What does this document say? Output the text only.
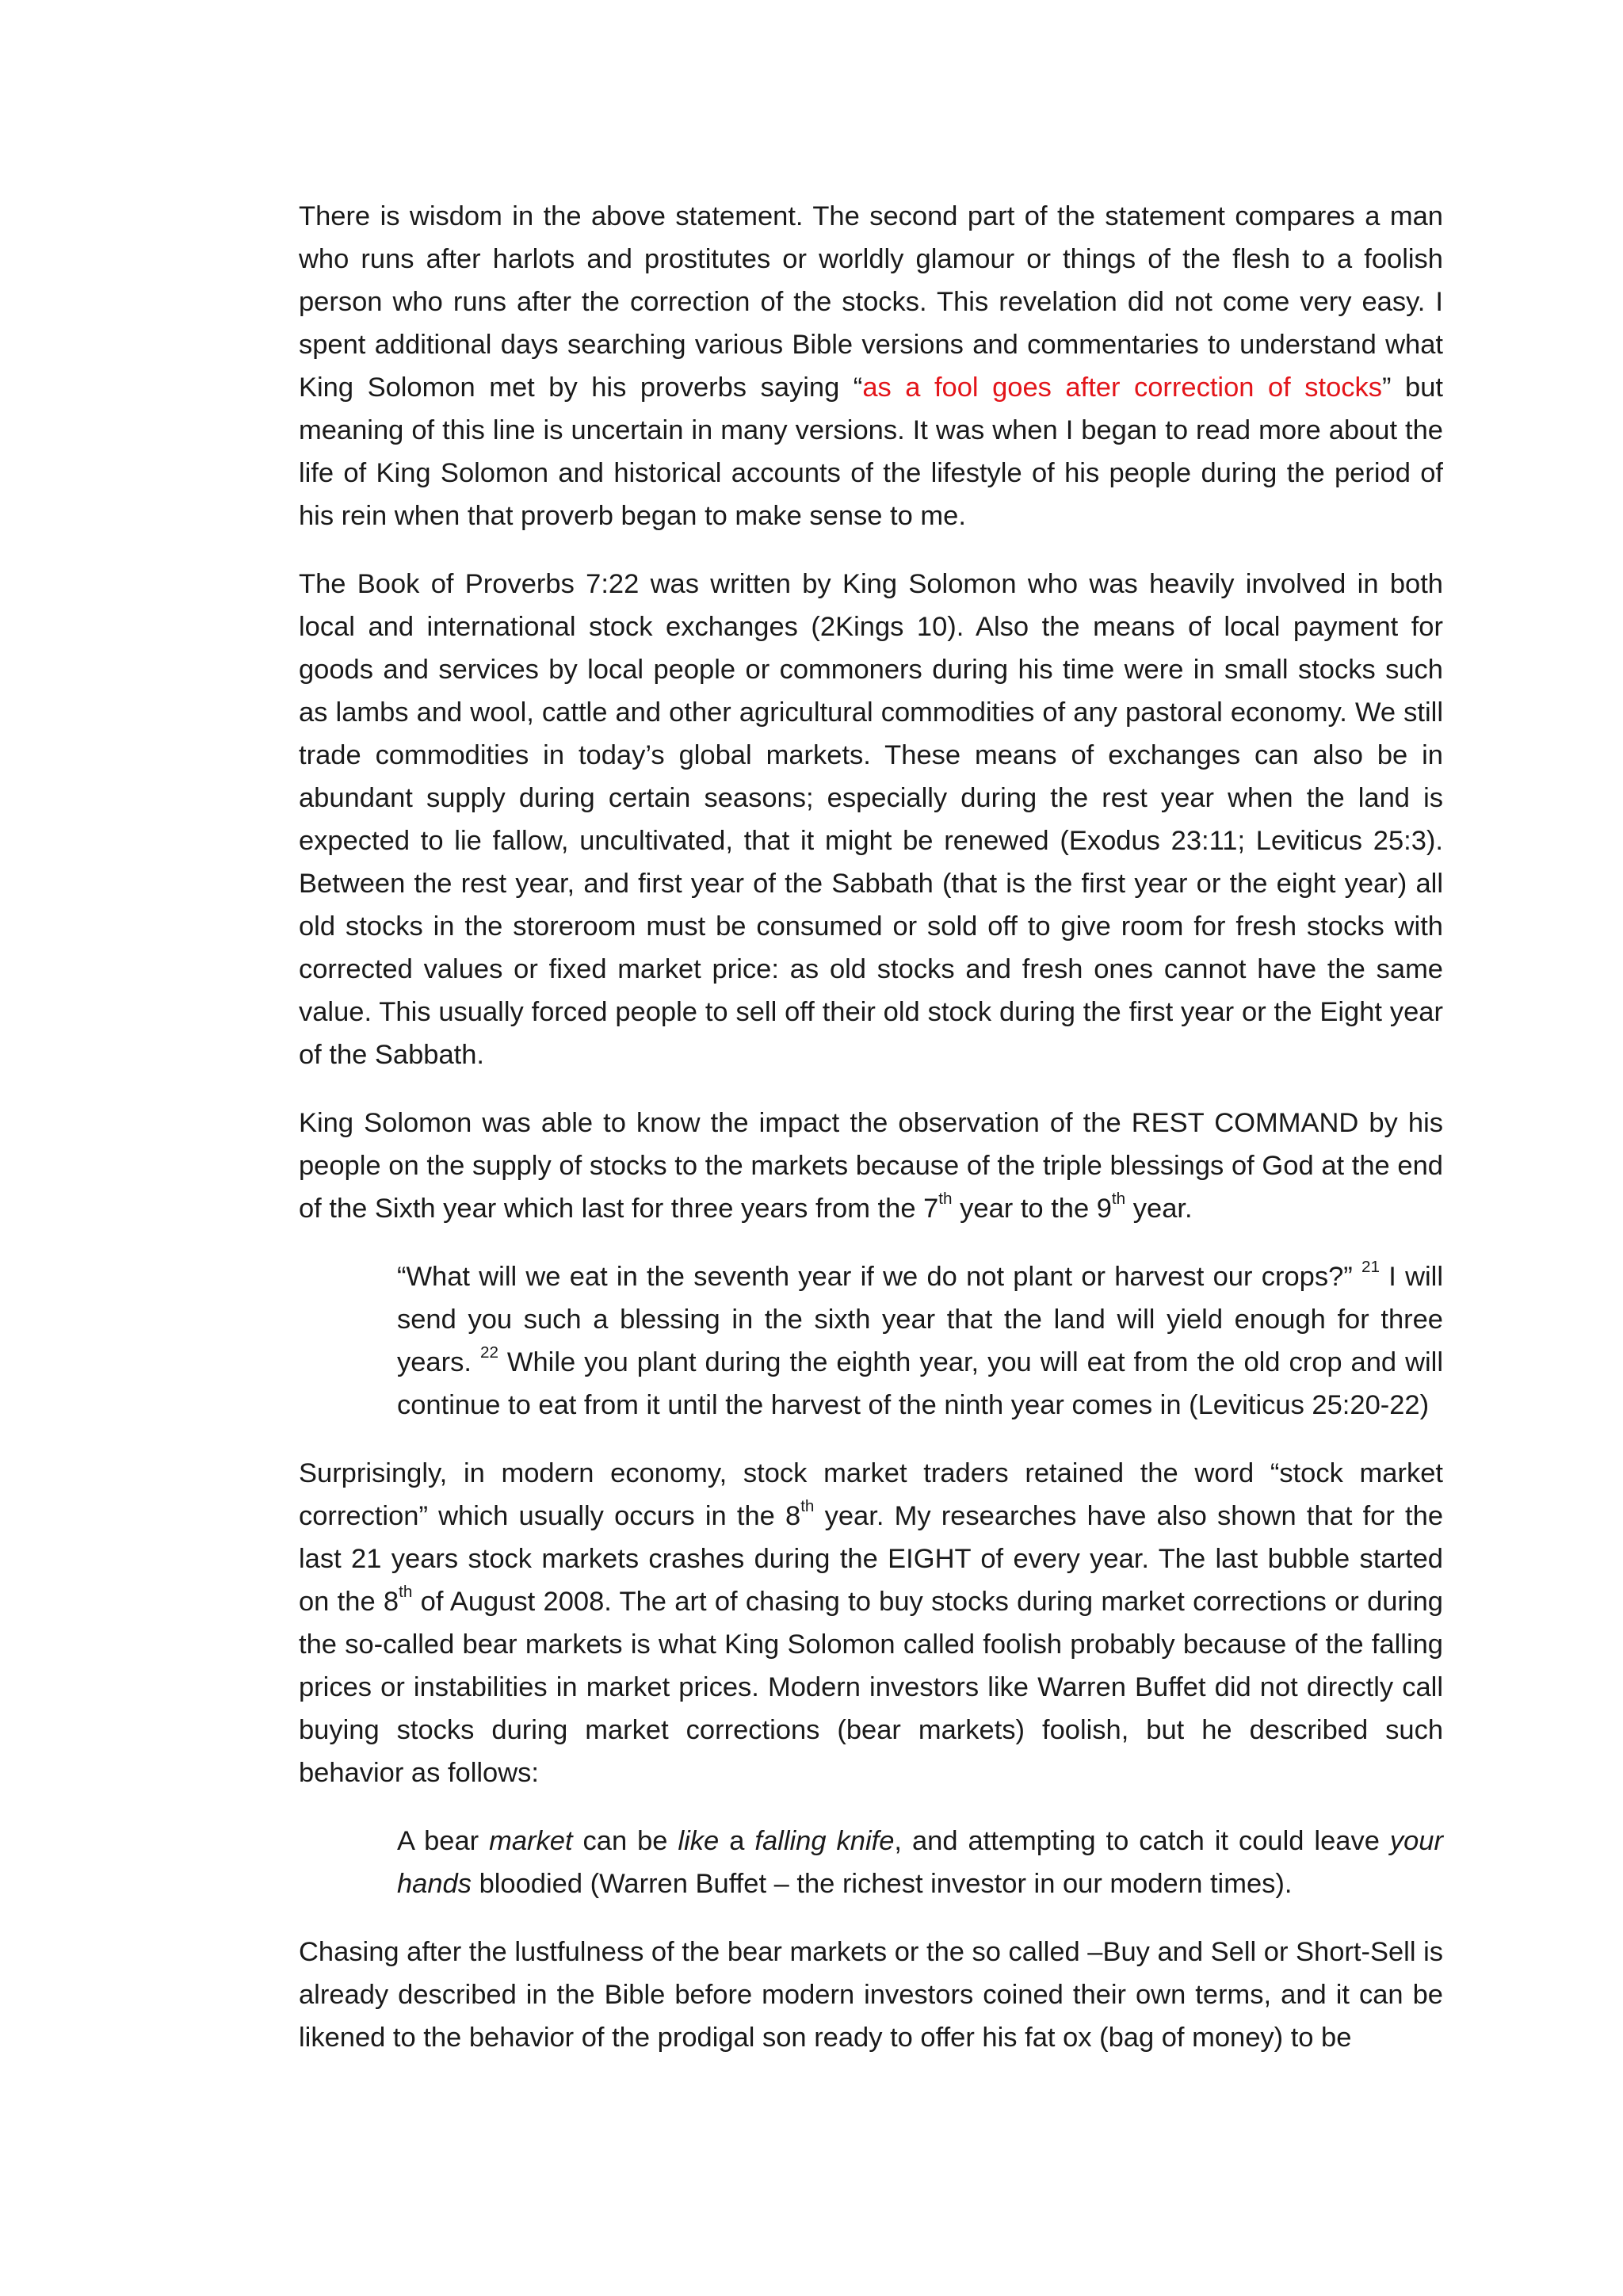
There is wisdom in the above statement. The second part of the statement compares a man who runs after harlots and prostitutes or worldly glamour or things of the flesh to a foolish person who runs after the correction of the stocks. This revelation did not come very easy. I spent additional days searching various Bible versions and commentaries to understand what King Solomon met by his proverbs saying “as a fool goes after correction of stocks” but meaning of this line is uncertain in many versions. It was when I began to read more about the life of King Solomon and historical accounts of the lifestyle of his people during the period of his rein when that proverb began to make sense to me.

The Book of Proverbs 7:22 was written by King Solomon who was heavily involved in both local and international stock exchanges (2Kings 10). Also the means of local payment for goods and services by local people or commoners during his time were in small stocks such as lambs and wool, cattle and other agricultural commodities of any pastoral economy. We still trade commodities in today’s global markets. These means of exchanges can also be in abundant supply during certain seasons; especially during the rest year when the land is expected to lie fallow, uncultivated, that it might be renewed (Exodus 23:11; Leviticus 25:3). Between the rest year, and first year of the Sabbath (that is the first year or the eight year) all old stocks in the storeroom must be consumed or sold off to give room for fresh stocks with corrected values or fixed market price: as old stocks and fresh ones cannot have the same value. This usually forced people to sell off their old stock during the first year or the Eight year of the Sabbath.

King Solomon was able to know the impact the observation of the REST COMMAND by his people on the supply of stocks to the markets because of the triple blessings of God at the end of the Sixth year which last for three years from the 7th year to the 9th year.

“What will we eat in the seventh year if we do not plant or harvest our crops?” $^{21}$ I will send you such a blessing in the sixth year that the land will yield enough for three years. $^{22}$ While you plant during the eighth year, you will eat from the old crop and will continue to eat from it until the harvest of the ninth year comes in (Leviticus 25:20-22)

Surprisingly, in modern economy, stock market traders retained the word “stock market correction” which usually occurs in the 8th year. My researches have also shown that for the last 21 years stock markets crashes during the EIGHT of every year. The last bubble started on the 8th of August 2008. The art of chasing to buy stocks during market corrections or during the so-called bear markets is what King Solomon called foolish probably because of the falling prices or instabilities in market prices. Modern investors like Warren Buffet did not directly call buying stocks during market corrections (bear markets) foolish, but he described such behavior as follows:

A bear market can be like a falling knife, and attempting to catch it could leave your hands bloodied (Warren Buffet – the richest investor in our modern times).

Chasing after the lustfulness of the bear markets or the so called –Buy and Sell or Short-Sell is already described in the Bible before modern investors coined their own terms, and it can be likened to the behavior of the prodigal son ready to offer his fat ox (bag of money) to be
